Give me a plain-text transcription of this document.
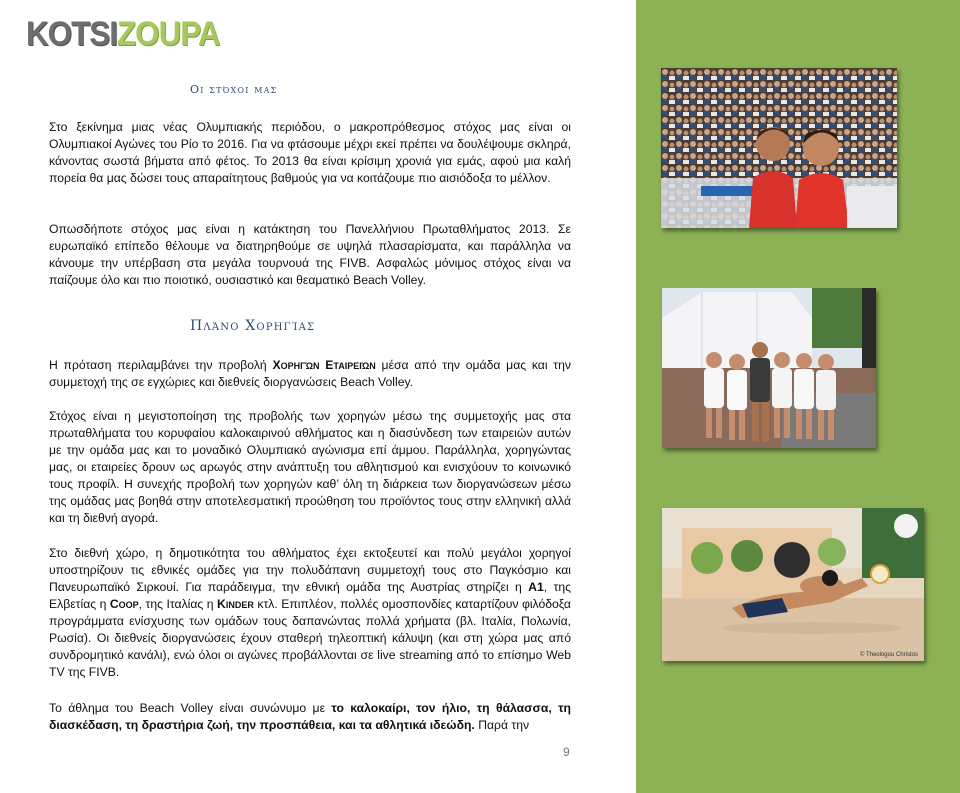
KOTSIZOUPA
Οι στόχοι μας

Στο ξεκίνημα μιας νέας Ολυμπιακής περιόδου, ο μακροπρόθεσμος στόχος μας είναι οι Ολυμπιακοί Αγώνες του Ρίο το 2016. Για να φτάσουμε μέχρι εκεί πρέπει να δουλέψουμε σκληρά, κάνοντας σωστά βήματα από φέτος. Το 2013 θα είναι κρίσιμη χρονιά για εμάς, αφού μια καλή πορεία θα μας δώσει τους απαραίτητους βαθμούς για να κοιτάζουμε πιο αισιόδοξα το μέλλον.

Οπωσδήποτε στόχος μας είναι η κατάκτηση του Πανελλήνιου Πρωταθλήματος 2013. Σε ευρωπαϊκό επίπεδο θέλουμε να διατηρηθούμε σε υψηλά πλασαρίσματα, και παράλληλα να κάνουμε την υπέρβαση στα μεγάλα τουρνουά της FIVB. Ασφαλώς μόνιμος στόχος είναι να παίζουμε όλο και πιο ποιοτικό, ουσιαστικό και θεαματικό Beach Volley.

Πλάνο Χορηγίας

Η πρόταση περιλαμβάνει την προβολή Χορηγών Εταιρειών μέσα από την ομάδα μας και την συμμετοχή της σε εγχώριες και διεθνείς διοργανώσεις Beach Volley.

Στόχος είναι η μεγιστοποίηση της προβολής των χορηγών μέσω της συμμετοχής μας στα πρωταθλήματα του κορυφαίου καλοκαιρινού αθλήματος και η διασύνδεση των εταιρειών αυτών με την ομάδα μας και το μοναδικό Ολυμπιακό αγώνισμα επί άμμου. Παράλληλα, χορηγώντας μας, οι εταιρείες δρουν ως αρωγός στην ανάπτυξη του αθλητισμού και ενισχύουν το κοινωνικό τους προφίλ. Η συνεχής προβολή των χορηγών καθ’ όλη τη διάρκεια των διοργανώσεων μέσω της ομάδας μας βοηθά στην αποτελεσματική προώθηση του προϊόντος τους στην ελληνική αλλά και τη διεθνή αγορά.

Στο διεθνή χώρο, η δημοτικότητα του αθλήματος έχει εκτοξευτεί και πολύ μεγάλοι χορηγοί υποστηρίζουν τις εθνικές ομάδες για την πολυδάπανη συμμετοχή τους στο Παγκόσμιο και Πανευρωπαϊκό Σιρκουί. Για παράδειγμα, την εθνική ομάδα της Αυστρίας στηρίζει η A1, της Ελβετίας η Coop, της Ιταλίας η Kinder κτλ. Επιπλέον, πολλές ομοσπονδίες καταρτίζουν φιλόδοξα προγράμματα ενίσχυσης των ομάδων τους δαπανώντας πολλά χρήματα (βλ. Ιταλία, Πολωνία, Ρωσία). Οι διεθνείς διοργανώσεις έχουν σταθερή τηλεοπτική κάλυψη (και στη χώρα μας από συνδρομητικό κανάλι), ενώ όλοι οι αγώνες προβάλλονται σε live streaming από το επίσημο Web TV της FIVB.

Το άθλημα του Beach Volley είναι συνώνυμο με το καλοκαίρι, τον ήλιο, τη θάλασσα, τη διασκέδαση, τη δραστήρια ζωή, την προσπάθεια, και τα αθλητικά ιδεώδη. Παρά την

9
© Theologou Christos
